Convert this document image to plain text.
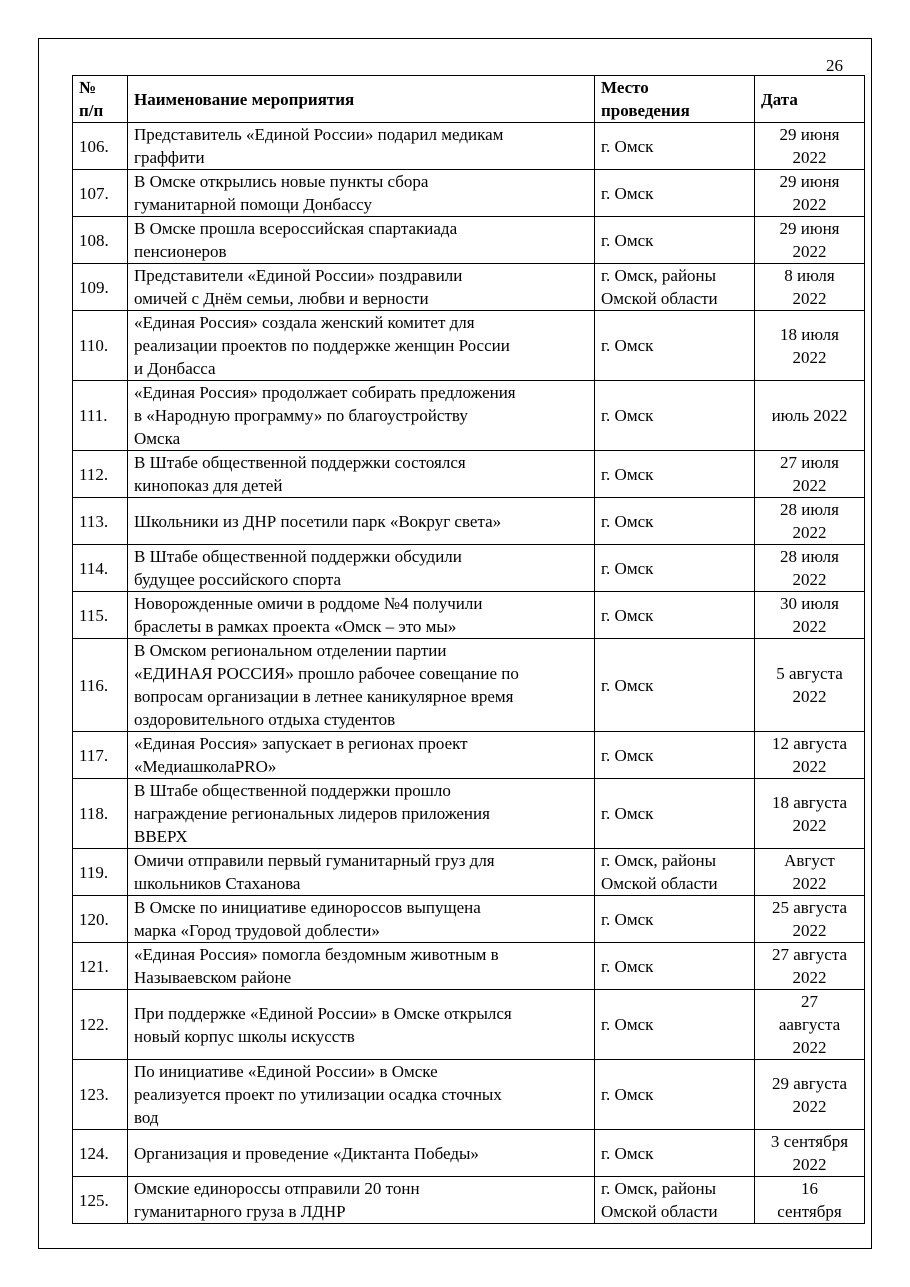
26
№
п/п	Наименование мероприятия	Место
проведения	Дата
106.	Представитель «Единой России» подарил медикам
граффити	г. Омск	29 июня
2022
107.	В Омске открылись новые пункты сбора
гуманитарной помощи Донбассу	г. Омск	29 июня
2022
108.	В Омске прошла всероссийская спартакиада
пенсионеров	г. Омск	29 июня
2022
109.	Представители «Единой России» поздравили
омичей с Днём семьи, любви и верности	г. Омск, районы
Омской области	8 июля
2022
110.	«Единая Россия» создала женский комитет для
реализации проектов по поддержке женщин России
и Донбасса	г. Омск	18 июля
2022
111.	«Единая Россия» продолжает собирать предложения
в «Народную программу» по благоустройству
Омска	г. Омск	июль 2022
112.	В Штабе общественной поддержки состоялся
кинопоказ для детей	г. Омск	27 июля
2022
113.	Школьники из ДНР посетили парк «Вокруг света»	г. Омск	28 июля
2022
114.	В Штабе общественной поддержки обсудили
будущее российского спорта	г. Омск	28 июля
2022
115.	Новорожденные омичи в роддоме №4 получили
браслеты в рамках проекта «Омск – это мы»	г. Омск	30 июля
2022
116.	В Омском региональном отделении партии
«ЕДИНАЯ РОССИЯ» прошло рабочее совещание по
вопросам организации в летнее каникулярное время
оздоровительного отдыха студентов	г. Омск	5 августа
2022
117.	«Единая Россия» запускает в регионах проект
«МедиашколаPRO»	г. Омск	12 августа
2022
118.	В Штабе общественной поддержки прошло
награждение региональных лидеров приложения
ВВЕРХ	г. Омск	18 августа
2022
119.	Омичи отправили первый гуманитарный груз для
школьников Стаханова	г. Омск, районы
Омской области	Август
2022
120.	В Омске по инициативе единороссов выпущена
марка «Город трудовой доблести»	г. Омск	25 августа
2022
121.	«Единая Россия» помогла бездомным животным в
Называевском районе	г. Омск	27 августа
2022
122.	При поддержке «Единой России» в Омске открылся
новый корпус школы искусств	г. Омск	27
аавгуста
2022
123.	По инициативе «Единой России» в Омске
реализуется проект по утилизации осадка сточных
вод	г. Омск	29 августа
2022
124.	Организация и проведение «Диктанта Победы»	г. Омск	3 сентября
2022
125.	Омские единороссы отправили 20 тонн
гуманитарного груза в ЛДНР	г. Омск, районы
Омской области	16
сентября
